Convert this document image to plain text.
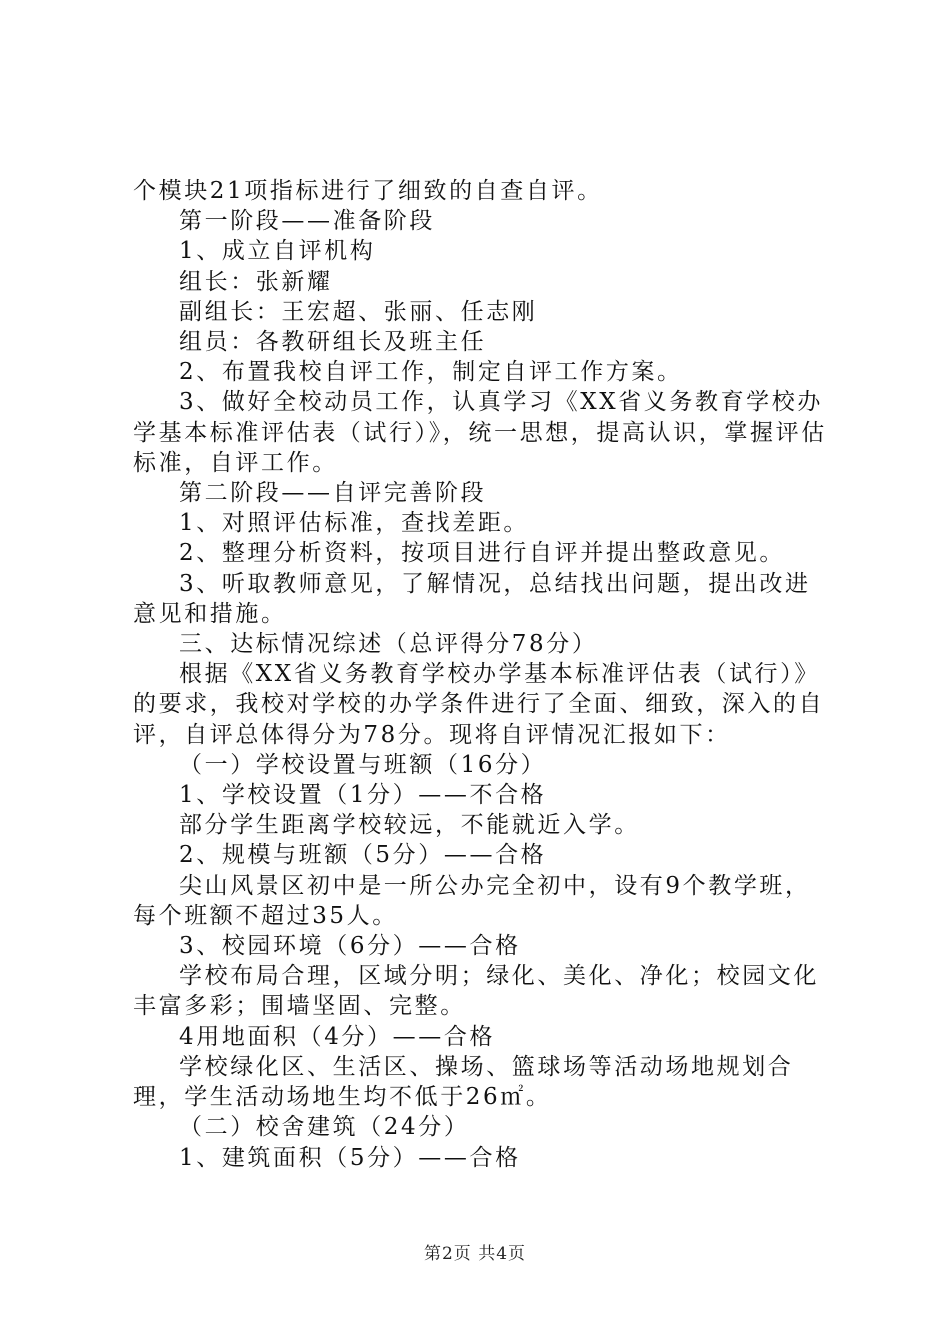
个模块21项指标进行了细致的自查自评。

第一阶段——准备阶段

1、成立自评机构

组长：张新耀

副组长：王宏超、张丽、任志刚

组员：各教研组长及班主任

2、布置我校自评工作，制定自评工作方案。

3、做好全校动员工作，认真学习《XX省义务教育学校办学基本标准评估表（试行）》，统一思想，提高认识，掌握评估标准，自评工作。

第二阶段——自评完善阶段

1、对照评估标准，查找差距。

2、整理分析资料，按项目进行自评并提出整政意见。

3、听取教师意见，了解情况，总结找出问题，提出改进意见和措施。

三、达标情况综述（总评得分78分）

根据《XX省义务教育学校办学基本标准评估表（试行）》的要求，我校对学校的办学条件进行了全面、细致，深入的自评，自评总体得分为78分。现将自评情况汇报如下：

（一）学校设置与班额（16分）

1、学校设置（1分）——不合格

部分学生距离学校较远，不能就近入学。

2、规模与班额（5分）——合格

尖山风景区初中是一所公办完全初中，设有9个教学班，每个班额不超过35人。

3、校园环境（6分）——合格

学校布局合理，区域分明；绿化、美化、净化；校园文化丰富多彩；围墙坚固、完整。

4用地面积（4分）——合格

学校绿化区、生活区、操场、篮球场等活动场地规划合理，学生活动场地生均不低于26㎡。

（二）校舍建筑（24分）

1、建筑面积（5分）——合格

第2页 共4页
